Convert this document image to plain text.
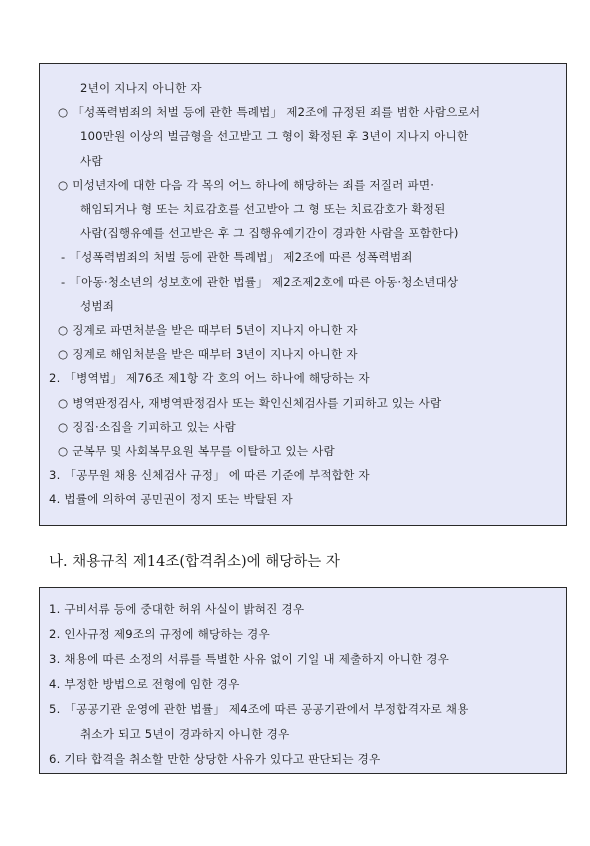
2년이 지나지 아니한 자
○ 「성폭력범죄의 처벌 등에 관한 특례법」 제2조에 규정된 죄를 범한 사람으로서
100만원 이상의 벌금형을 선고받고 그 형이 확정된 후 3년이 지나지 아니한
사람
○ 미성년자에 대한 다음 각 목의 어느 하나에 해당하는 죄를 저질러 파면·
해임되거나 형 또는 치료감호를 선고받아 그 형 또는 치료감호가 확정된
사람(집행유예를 선고받은 후 그 집행유예기간이 경과한 사람을 포함한다)
- 「성폭력범죄의 처벌 등에 관한 특례법」 제2조에 따른 성폭력범죄
- 「아동·청소년의 성보호에 관한 법률」 제2조제2호에 따른 아동·청소년대상
성범죄
○ 징계로 파면처분을 받은 때부터 5년이 지나지 아니한 자
○ 징계로 해임처분을 받은 때부터 3년이 지나지 아니한 자
2. 「병역법」 제76조 제1항 각 호의 어느 하나에 해당하는 자
○ 병역판정검사, 재병역판정검사 또는 확인신체검사를 기피하고 있는 사람
○ 징집·소집을 기피하고 있는 사람
○ 군복무 및 사회복무요원 복무를 이탈하고 있는 사람
3. 「공무원 채용 신체검사 규정」 에 따른 기준에 부적합한 자
4. 법률에 의하여 공민권이 정지 또는 박탈된 자
나. 채용규칙 제14조(합격취소)에 해당하는 자
1. 구비서류 등에 중대한 허위 사실이 밝혀진 경우
2. 인사규정 제9조의 규정에 해당하는 경우
3. 채용에 따른 소정의 서류를 특별한 사유 없이 기일 내 제출하지 아니한 경우
4. 부정한 방법으로 전형에 임한 경우
5. 「공공기관 운영에 관한 법률」 제4조에 따른 공공기관에서 부정합격자로 채용
취소가 되고 5년이 경과하지 아니한 경우
6. 기타 합격을 취소할 만한 상당한 사유가 있다고 판단되는 경우
